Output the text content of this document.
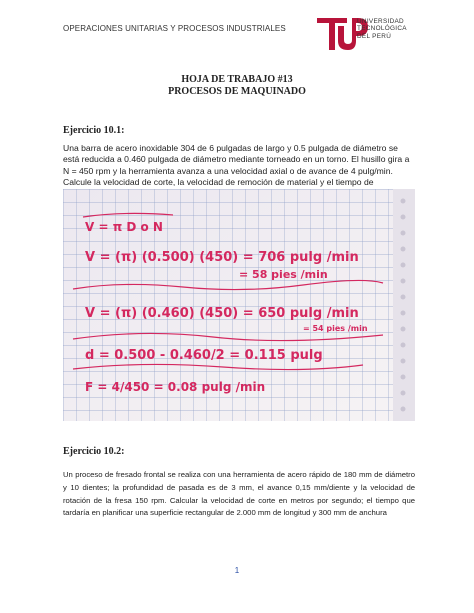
OPERACIONES UNITARIAS Y PROCESOS INDUSTRIALES
UNIVERSIDAD
TECNOLÓGICA
DEL PERÚ
HOJA DE TRABAJO #13
PROCESOS DE MAQUINADO
Ejercicio 10.1:
Una barra de acero inoxidable 304 de 6 pulgadas de largo y 0.5 pulgada de diámetro se está reducida a 0.460 pulgada de diámetro mediante torneado en un torno. El husillo gira a N = 450 rpm y la herramienta avanza a una velocidad axial o de avance de 4 pulg/min. Calcule la velocidad de corte, la velocidad de remoción de material y el tiempo de
V = π D o N
V = (π) (0.500) (450) = 706 pulg /min
= 58 pies /min
V = (π) (0.460) (450) = 650 pulg /min
= 54 pies /min
d = 0.500 - 0.460/2 = 0.115 pulg
F = 4/450 = 0.08 pulg /min
Ejercicio 10.2:
Un proceso de fresado frontal se realiza con una herramienta de acero rápido de 180 mm de diámetro y 10 dientes; la profundidad de pasada es de 3 mm, el avance 0,15 mm/diente y la velocidad de rotación de la fresa 150 rpm. Calcular la velocidad de corte en metros por segundo; el tiempo que tardaría en planificar una superficie rectangular de 2.000 mm de longitud y 300 mm de anchura
1
